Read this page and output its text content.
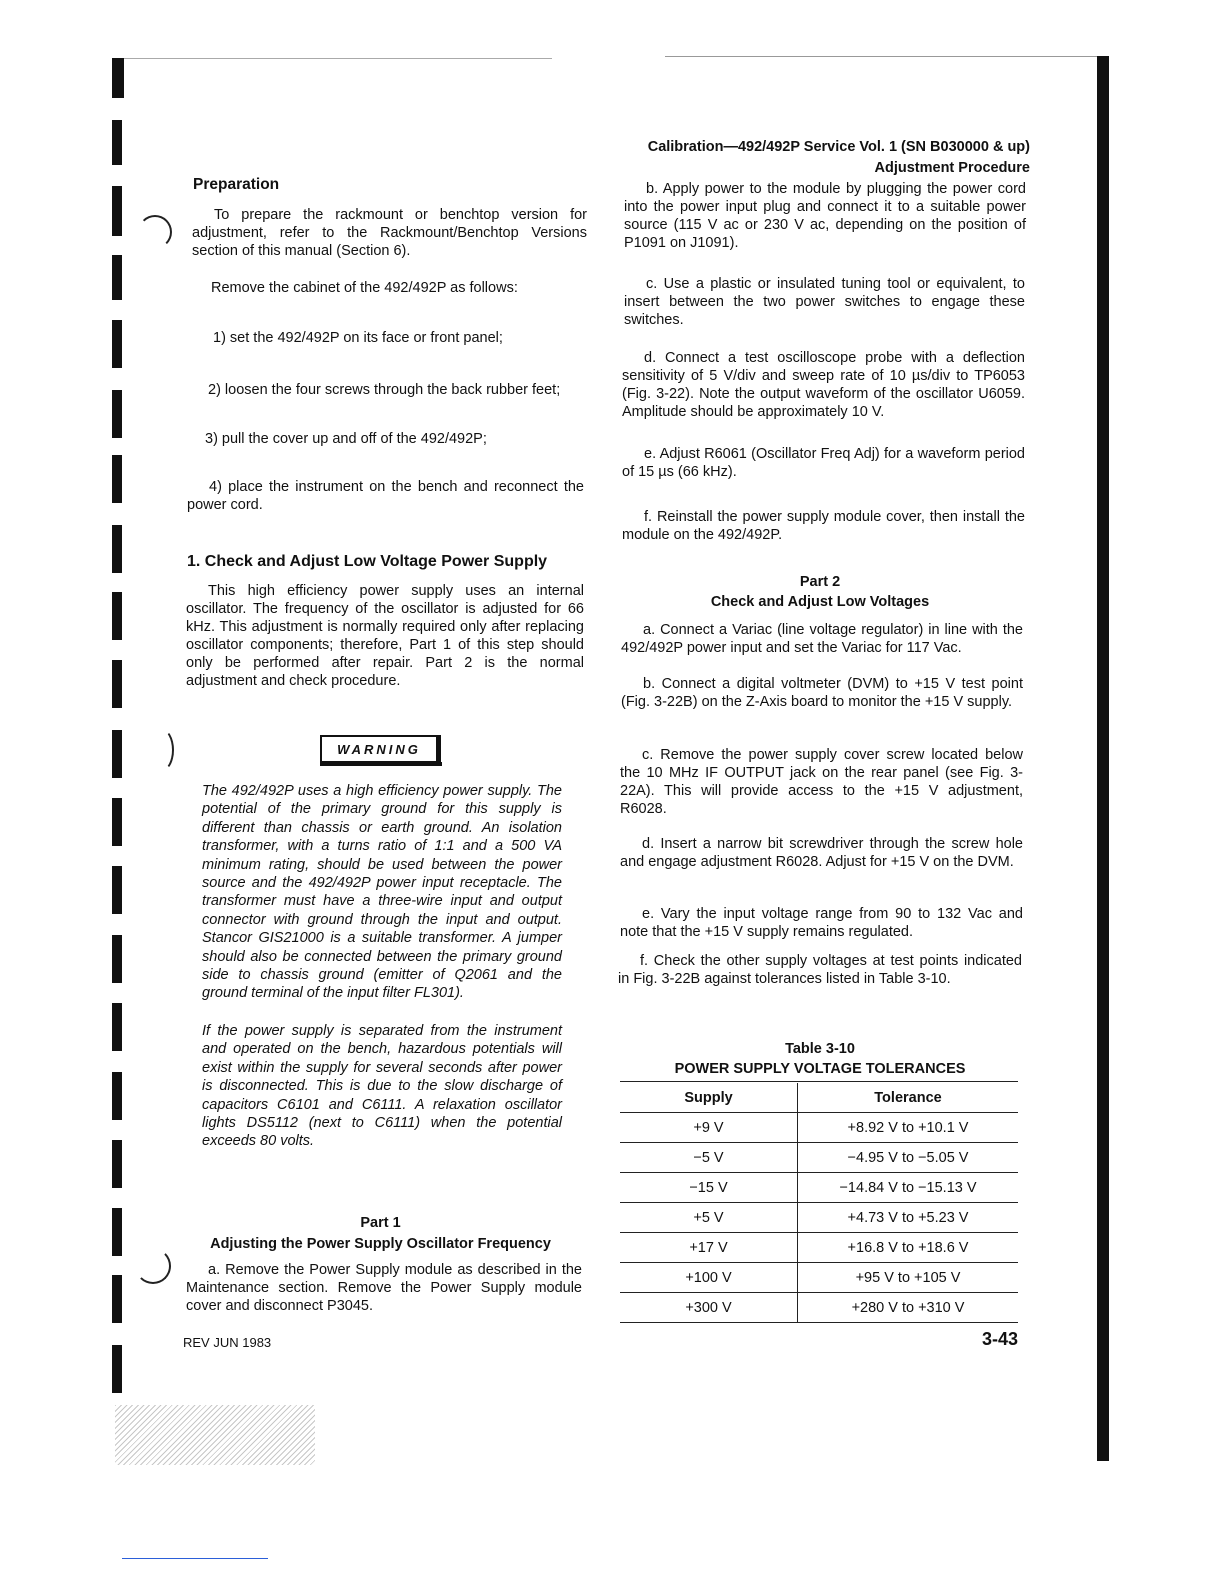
Calibration—492/492P Service Vol. 1 (SN B030000 & up)
Adjustment Procedure
Preparation

To prepare the rackmount or benchtop version for adjustment, refer to the Rackmount/Benchtop Versions section of this manual (Section 6).

Remove the cabinet of the 492/492P as follows:

1) set the 492/492P on its face or front panel;

2) loosen the four screws through the back rubber feet;

3) pull the cover up and off of the 492/492P;

4) place the instrument on the bench and reconnect the power cord.

1. Check and Adjust Low Voltage Power Supply

This high efficiency power supply uses an internal oscillator. The frequency of the oscillator is adjusted for 66 kHz. This adjustment is normally required only after replacing oscillator components; therefore, Part 1 of this step should only be performed after repair. Part 2 is the normal adjustment and check procedure.

WARNING

The 492/492P uses a high efficiency power supply. The potential of the primary ground for this supply is different than chassis or earth ground. An isolation transformer, with a turns ratio of 1:1 and a 500 VA minimum rating, should be used between the power source and the 492/492P power input receptacle. The transformer must have a three-wire input and output connector with ground through the input and output. Stancor GIS21000 is a suitable transformer. A jumper should also be connected between the primary ground side to chassis ground (emitter of Q2061 and the ground terminal of the input filter FL301).

If the power supply is separated from the instrument and operated on the bench, hazardous potentials will exist within the supply for several seconds after power is disconnected. This is due to the slow discharge of capacitors C6101 and C6111. A relaxation oscillator lights DS5112 (next to C6111) when the potential exceeds 80 volts.

Part 1
Adjusting the Power Supply Oscillator Frequency

a. Remove the Power Supply module as described in the Maintenance section. Remove the Power Supply module cover and disconnect P3045.

REV JUN 1983

b. Apply power to the module by plugging the power cord into the power input plug and connect it to a suitable power source (115 V ac or 230 V ac, depending on the position of P1091 on J1091).

c. Use a plastic or insulated tuning tool or equivalent, to insert between the two power switches to engage these switches.

d. Connect a test oscilloscope probe with a deflection sensitivity of 5 V/div and sweep rate of 10 µs/div to TP6053 (Fig. 3-22). Note the output waveform of the oscillator U6059. Amplitude should be approximately 10 V.

e. Adjust R6061 (Oscillator Freq Adj) for a waveform period of 15 µs (66 kHz).

f. Reinstall the power supply module cover, then install the module on the 492/492P.

Part 2
Check and Adjust Low Voltages

a. Connect a Variac (line voltage regulator) in line with the 492/492P power input and set the Variac for 117 Vac.

b. Connect a digital voltmeter (DVM) to +15 V test point (Fig. 3-22B) on the Z-Axis board to monitor the +15 V supply.

c. Remove the power supply cover screw located below the 10 MHz IF OUTPUT jack on the rear panel (see Fig. 3-22A). This will provide access to the +15 V adjustment, R6028.

d. Insert a narrow bit screwdriver through the screw hole and engage adjustment R6028. Adjust for +15 V on the DVM.

e. Vary the input voltage range from 90 to 132 Vac and note that the +15 V supply remains regulated.

f. Check the other supply voltages at test points indicated in Fig. 3-22B against tolerances listed in Table 3-10.

Table 3-10
POWER SUPPLY VOLTAGE TOLERANCES
Supply	Tolerance
+9 V	+8.92 V to +10.1 V
−5 V	−4.95 V to −5.05 V
−15 V	−14.84 V to −15.13 V
+5 V	+4.73 V to +5.23 V
+17 V	+16.8 V to +18.6 V
+100 V	+95 V to +105 V
+300 V	+280 V to +310 V
3-43
